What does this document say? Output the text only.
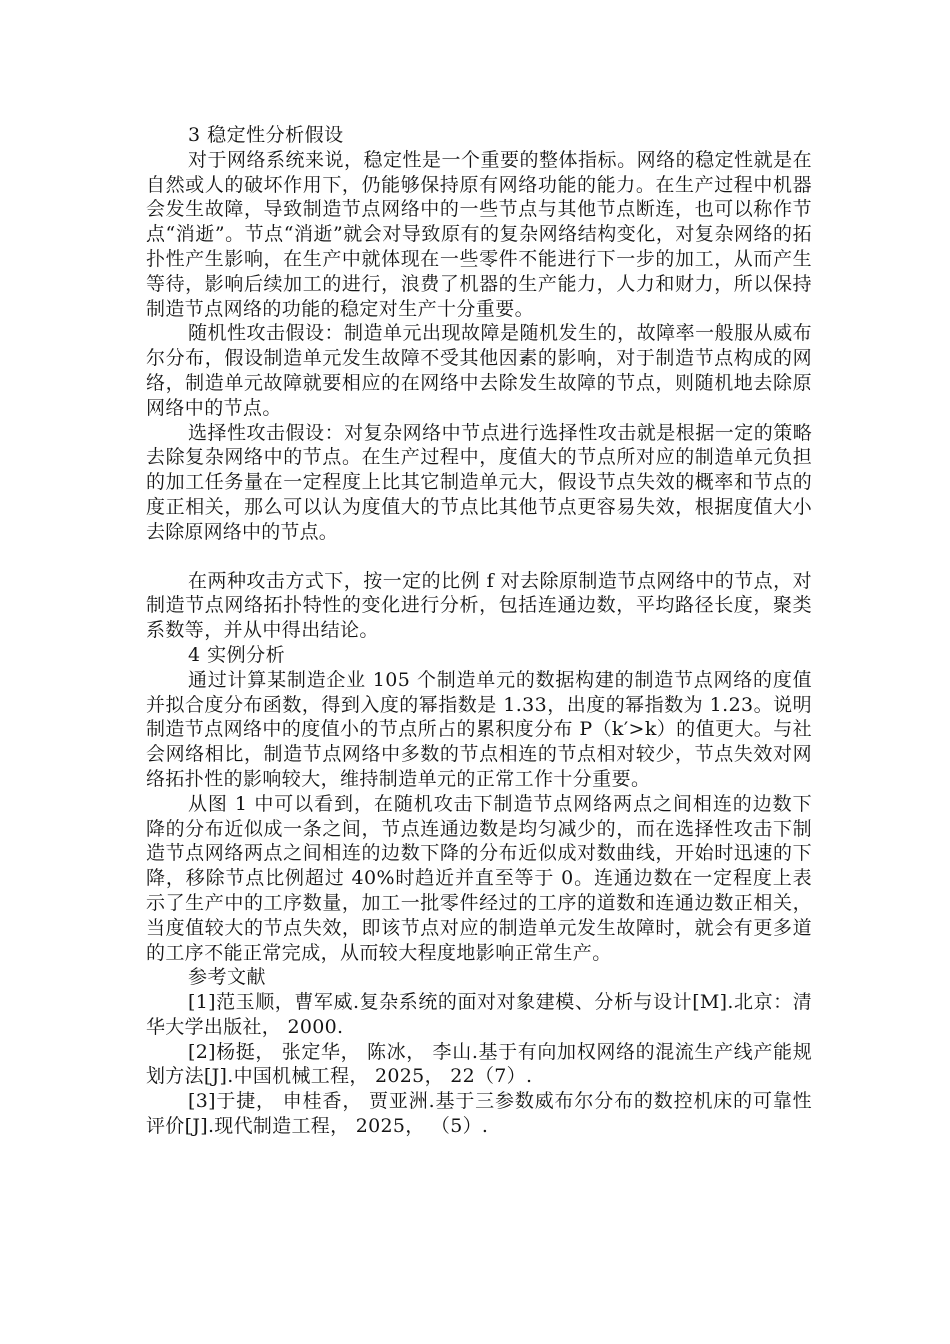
3 稳定性分析假设

对于网络系统来说，稳定性是一个重要的整体指标。网络的稳定性就是在自然或人的破坏作用下，仍能够保持原有网络功能的能力。在生产过程中机器会发生故障，导致制造节点网络中的一些节点与其他节点断连，也可以称作节点“消逝”。节点“消逝”就会对导致原有的复杂网络结构变化，对复杂网络的拓扑性产生影响，在生产中就体现在一些零件不能进行下一步的加工，从而产生等待，影响后续加工的进行，浪费了机器的生产能力，人力和财力，所以保持制造节点网络的功能的稳定对生产十分重要。

随机性攻击假设：制造单元出现故障是随机发生的，故障率一般服从威布尔分布，假设制造单元发生故障不受其他因素的影响，对于制造节点构成的网络，制造单元故障就要相应的在网络中去除发生故障的节点，则随机地去除原网络中的节点。

选择性攻击假设：对复杂网络中节点进行选择性攻击就是根据一定的策略去除复杂网络中的节点。在生产过程中，度值大的节点所对应的制造单元负担的加工任务量在一定程度上比其它制造单元大，假设节点失效的概率和节点的度正相关，那么可以认为度值大的节点比其他节点更容易失效，根据度值大小去除原网络中的节点。

在两种攻击方式下，按一定的比例 f 对去除原制造节点网络中的节点，对制造节点网络拓扑特性的变化进行分析，包括连通边数，平均路径长度，聚类系数等，并从中得出结论。

4 实例分析

通过计算某制造企业 105 个制造单元的数据构建的制造节点网络的度值并拟合度分布函数，得到入度的幂指数是 1.33，出度的幂指数为 1.23。说明制造节点网络中的度值小的节点所占的累积度分布 P（k′>k）的值更大。与社会网络相比，制造节点网络中多数的节点相连的节点相对较少，节点失效对网络拓扑性的影响较大，维持制造单元的正常工作十分重要。

从图 1 中可以看到，在随机攻击下制造节点网络两点之间相连的边数下降的分布近似成一条之间，节点连通边数是均匀减少的，而在选择性攻击下制造节点网络两点之间相连的边数下降的分布近似成对数曲线，开始时迅速的下降，移除节点比例超过 40%时趋近并直至等于 0。连通边数在一定程度上表示了生产中的工序数量，加工一批零件经过的工序的道数和连通边数正相关，当度值较大的节点失效，即该节点对应的制造单元发生故障时，就会有更多道的工序不能正常完成，从而较大程度地影响正常生产。

参考文献

[1]范玉顺，曹军威.复杂系统的面对对象建模、分析与设计[M].北京：清华大学出版社， 2000.

[2]杨挺， 张定华， 陈冰， 李山.基于有向加权网络的混流生产线产能规划方法[J].中国机械工程， 2025， 22（7）.

[3]于捷， 申桂香， 贾亚洲.基于三参数威布尔分布的数控机床的可靠性评价[J].现代制造工程， 2025， （5）.
